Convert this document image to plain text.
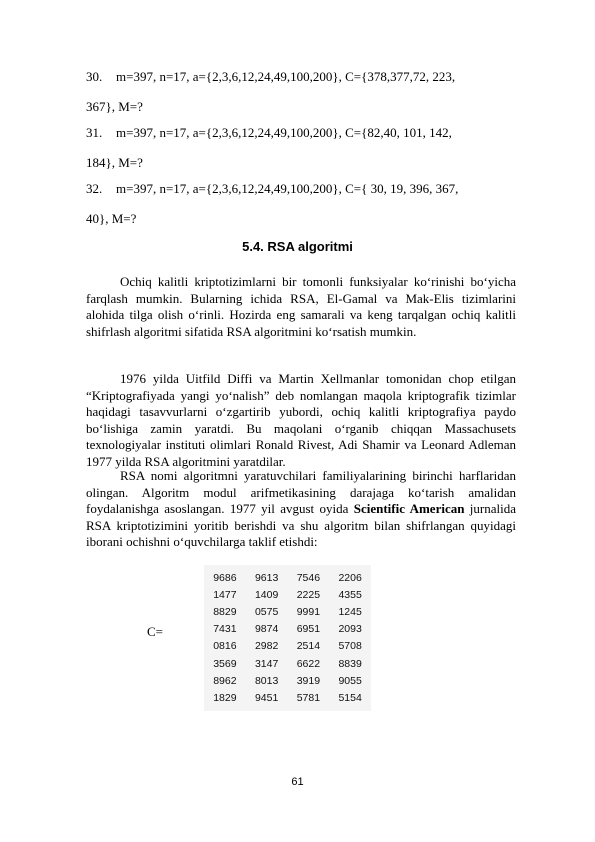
30. m=397, n=17, a={2,3,6,12,24,49,100,200}, C={378,377,72, 223,
367}, M=?
31. m=397, n=17, a={2,3,6,12,24,49,100,200}, C={82,40, 101, 142,
184}, M=?
32. m=397, n=17, a={2,3,6,12,24,49,100,200}, C={ 30, 19, 396, 367,
40}, M=?
5.4. RSA algoritmi

Ochiq kalitli kriptotizimlarni bir tomonli funksiyalar ko‘rinishi bo‘yicha farqlash mumkin. Bularning ichida RSA, El-Gamal va Mak-Elis tizimlarini alohida tilga olish o‘rinli. Hozirda eng samarali va keng tarqalgan ochiq kalitli shifrlash algoritmi sifatida RSA algoritmini ko‘rsatish mumkin.

1976 yilda Uitfild Diffi va Martin Xellmanlar tomonidan chop etilgan “Kriptografiyada yangi yo‘nalish” deb nomlangan maqola kriptografik tizimlar haqidagi tasavvurlarni o‘zgartirib yubordi, ochiq kalitli kriptografiya paydo bo‘lishiga zamin yaratdi. Bu maqolani o‘rganib chiqqan Massachusets texnologiyalar instituti olimlari Ronald Rivest, Adi Shamir va Leonard Adleman 1977 yilda RSA algoritmini yaratdilar.

RSA nomi algoritmni yaratuvchilari familiyalarining birinchi harflaridan olingan. Algoritm modul arifmetikasining darajaga ko‘tarish amalidan foydalanishga asoslangan. 1977 yil avgust oyida Scientific American jurnalida RSA kriptotizimini yoritib berishdi va shu algoritm bilan shifrlangan quyidagi iborani ochishni o‘quvchilarga taklif etishdi:

C=
9686	9613	7546	2206
1477	1409	2225	4355
8829	0575	9991	1245
7431	9874	6951	2093
0816	2982	2514	5708
3569	3147	6622	8839
8962	8013	3919	9055
1829	9451	5781	5154
61
